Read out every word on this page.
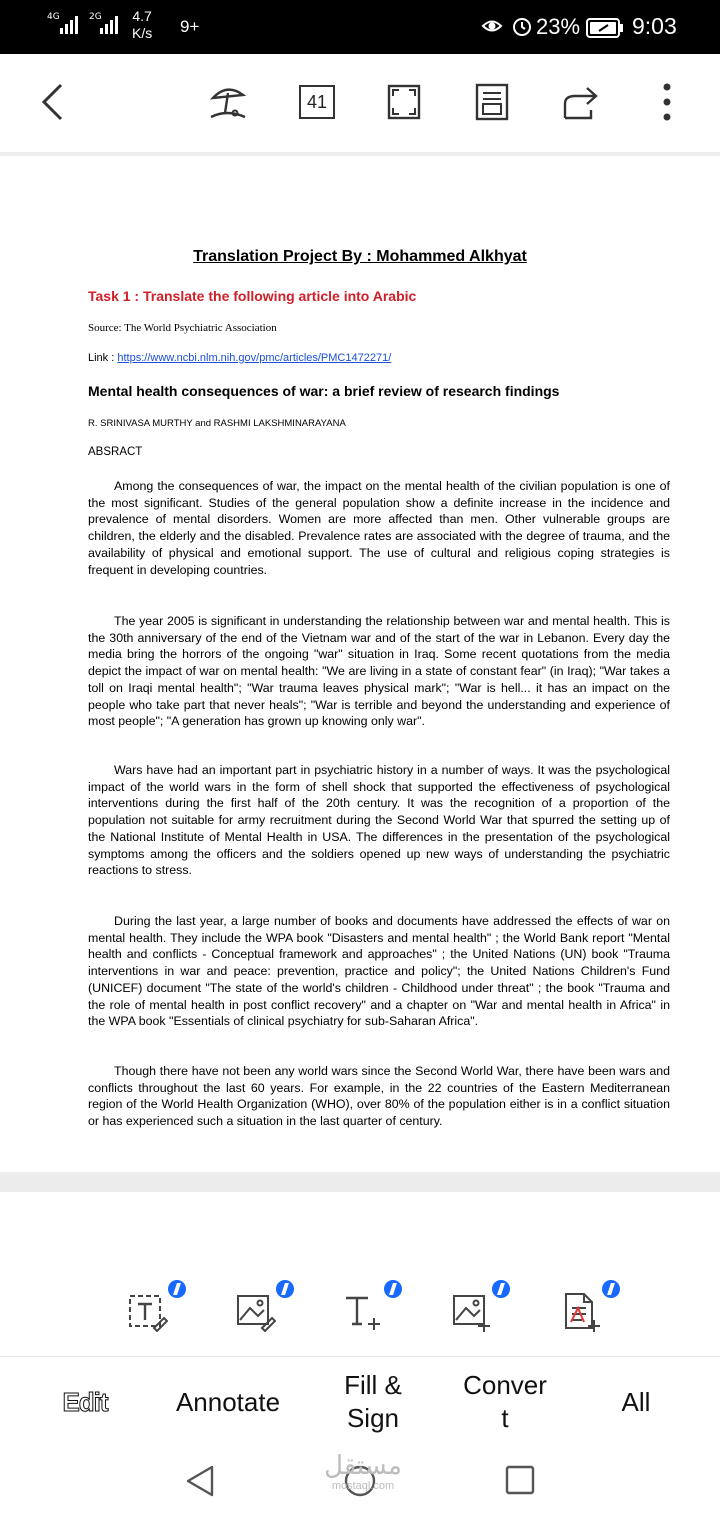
4G	2G 4.7
K/s 9+	23% 9:03
41
Translation Project By : Mohammed Alkhyat
Task 1 : Translate the following article into Arabic
Source: The World Psychiatric Association
Link : https://www.ncbi.nlm.nih.gov/pmc/articles/PMC1472271/
Mental health consequences of war: a brief review of research findings
R. SRINIVASA MURTHY and RASHMI LAKSHMINARAYANA
ABSRACT

Among the consequences of war, the impact on the mental health of the civilian population is one of the most significant. Studies of the general population show a definite increase in the incidence and prevalence of mental disorders. Women are more affected than men. Other vulnerable groups are children, the elderly and the disabled. Prevalence rates are associated with the degree of trauma, and the availability of physical and emotional support. The use of cultural and religious coping strategies is frequent in developing countries.

The year 2005 is significant in understanding the relationship between war and mental health. This is the 30th anniversary of the end of the Vietnam war and of the start of the war in Lebanon. Every day the media bring the horrors of the ongoing "war" situation in Iraq. Some recent quotations from the media depict the impact of war on mental health: "We are living in a state of constant fear" (in Iraq); "War takes a toll on Iraqi mental health"; "War trauma leaves physical mark"; "War is hell... it has an impact on the people who take part that never heals"; "War is terrible and beyond the understanding and experience of most people"; "A generation has grown up knowing only war".

Wars have had an important part in psychiatric history in a number of ways. It was the psychological impact of the world wars in the form of shell shock that supported the effectiveness of psychological interventions during the first half of the 20th century. It was the recognition of a proportion of the population not suitable for army recruitment during the Second World War that spurred the setting up of the National Institute of Mental Health in USA. The differences in the presentation of the psychological symptoms among the officers and the soldiers opened up new ways of understanding the psychiatric reactions to stress.

During the last year, a large number of books and documents have addressed the effects of war on mental health. They include the WPA book "Disasters and mental health" ; the World Bank report "Mental health and conflicts - Conceptual framework and approaches" ; the United Nations (UN) book "Trauma interventions in war and peace: prevention, practice and policy"; the United Nations Children's Fund (UNICEF) document "The state of the world's children - Childhood under threat" ; the book "Trauma and the role of mental health in post conflict recovery" and a chapter on "War and mental health in Africa" in the WPA book "Essentials of clinical psychiatry for sub-Saharan Africa".

Though there have not been any world wars since the Second World War, there have been wars and conflicts throughout the last 60 years. For example, in the 22 countries of the Eastern Mediterranean region of the World Health Organization (WHO), over 80% of the population either is in a conflict situation or has experienced such a situation in the last quarter of century.

Edit	Annotate
Fill &
Sign
Conver
t
All
مستقل
mostaql.com
